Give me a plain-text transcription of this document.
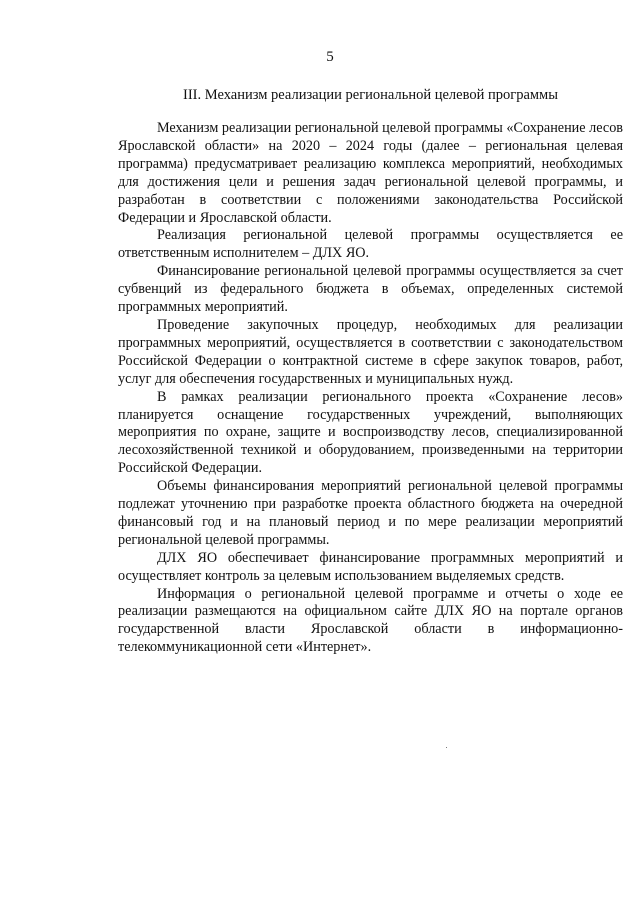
5
III. Механизм реализации региональной целевой программы

Механизм реализации региональной целевой программы «Сохранение лесов Ярославской области» на 2020 – 2024 годы (далее – региональная целевая программа) предусматривает реализацию комплекса мероприятий, необходимых для достижения цели и решения задач региональной целевой программы, и разработан в соответствии с положениями законодательства Российской Федерации и Ярославской области.

Реализация региональной целевой программы осуществляется ее ответственным исполнителем – ДЛХ ЯО.

Финансирование региональной целевой программы осуществляется за счет субвенций из федерального бюджета в объемах, определенных системой программных мероприятий.

Проведение закупочных процедур, необходимых для реализации программных мероприятий, осуществляется в соответствии с законодательством Российской Федерации о контрактной системе в сфере закупок товаров, работ, услуг для обеспечения государственных и муниципальных нужд.

В рамках реализации регионального проекта «Сохранение лесов» планируется оснащение государственных учреждений, выполняющих мероприятия по охране, защите и воспроизводству лесов, специализированной лесохозяйственной техникой и оборудованием, произведенными на территории Российской Федерации.

Объемы финансирования мероприятий региональной целевой программы подлежат уточнению при разработке проекта областного бюджета на очередной финансовый год и на плановый период и по мере реализации мероприятий региональной целевой программы.

ДЛХ ЯО обеспечивает финансирование программных мероприятий и осуществляет контроль за целевым использованием выделяемых средств.

Информация о региональной целевой программе и отчеты о ходе ее реализации размещаются на официальном сайте ДЛХ ЯО на портале органов государственной власти Ярославской области в информационно-телекоммуникационной сети «Интернет».
